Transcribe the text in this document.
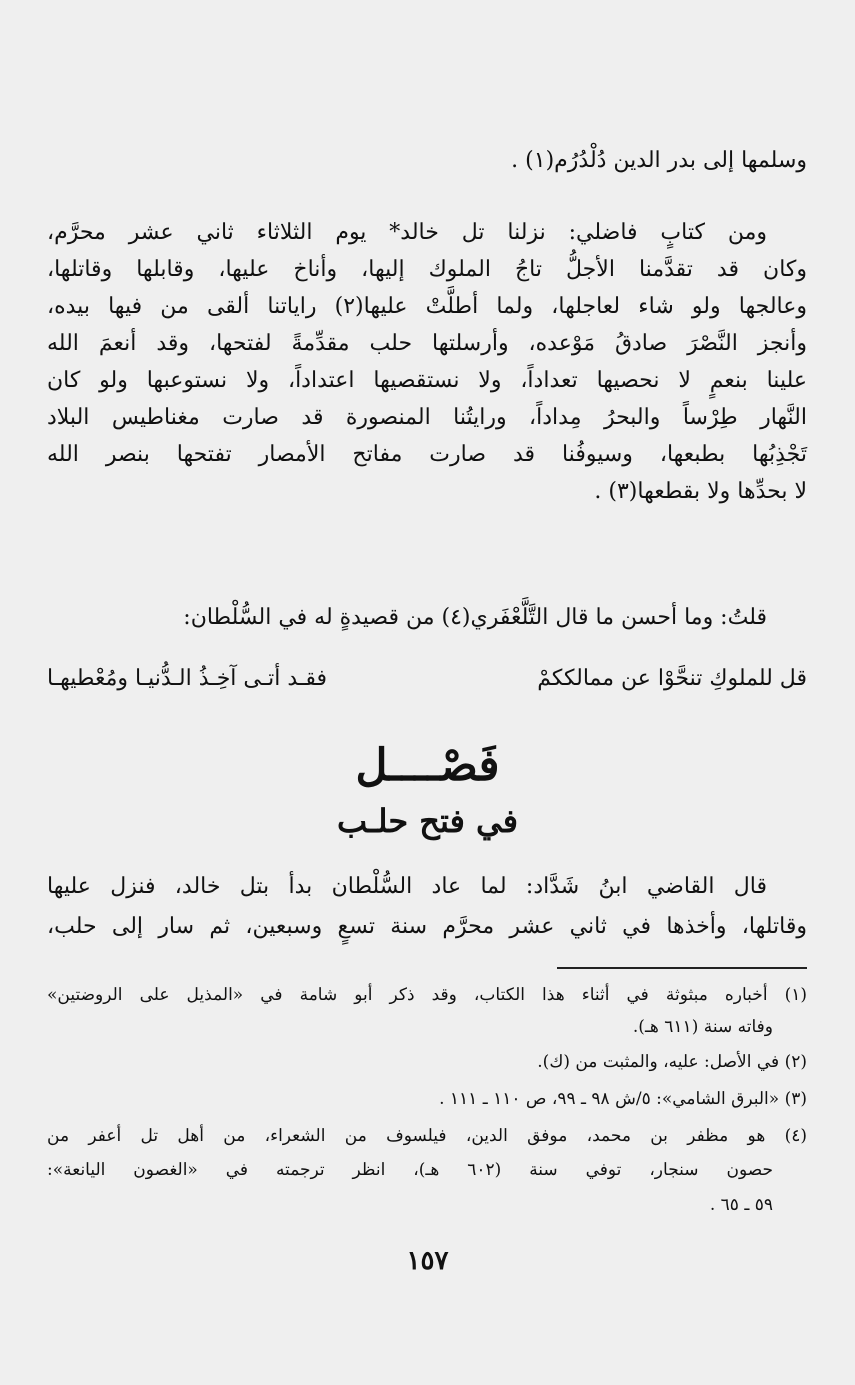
وسلمها إلى بدر الدين دُلْدُرُم(١) .
ومن كتابٍ فاضلي: نزلنا تل خالد* يوم الثلاثاء ثاني عشر محرَّم،
وكان قد تقدَّمنا الأجلُّ تاجُ الملوك إليها، وأناخ عليها، وقابلها وقاتلها،
وعالجها ولو شاء لعاجلها، ولما أطلَّتْ عليها(٢) راياتنا ألقى من فيها بيده،
وأنجز النَّصْرَ صادقُ مَوْعده، وأرسلتها حلب مقدِّمةً لفتحها، وقد أنعمَ الله
علينا بنعمٍ لا نحصيها تعداداً، ولا نستقصيها اعتداداً، ولا نستوعبها ولو كان
النَّهار طِرْساً والبحرُ مِداداً، ورايتُنا المنصورة قد صارت مغناطيس البلاد
تَجْذِبُها بطبعها، وسيوفُنا قد صارت مفاتح الأمصار تفتحها بنصر الله
لا بحدِّها ولا بقطعها(٣) .
قلتُ: وما أحسن ما قال التَّلَّعْفَري(٤) من قصيدةٍ له في السُّلْطان:
قل للملوكِ تنحَّوْا عن ممالككمْ
فقـد أتـى آخِـذُ الـدُّنيـا ومُعْطيهـا
فَصْــــل
في فتح حلـب
قال القاضي ابنُ شَدَّاد: لما عاد السُّلْطان بدأ بتل خالد، فنزل عليها
وقاتلها، وأخذها في ثاني عشر محرَّم سنة تسعٍ وسبعين، ثم سار إلى حلب،
(١) أخباره مبثوثة في أثناء هذا الكتاب، وقد ذكر أبو شامة في «المذيل على الروضتين»
وفاته سنة (٦١١ هـ).
(٢) في الأصل: عليه، والمثبت من (ك).
(٣) «البرق الشامي»: ٥/ش ٩٨ ـ ٩٩، ص ١١٠ ـ ١١١ .
(٤) هو مظفر بن محمد، موفق الدين، فيلسوف من الشعراء، من أهل تل أعفر من
حصون سنجار، توفي سنة (٦٠٢ هـ)، انظر ترجمته في «الغصون اليانعة»:
٥٩ ـ ٦٥ .
١٥٧
